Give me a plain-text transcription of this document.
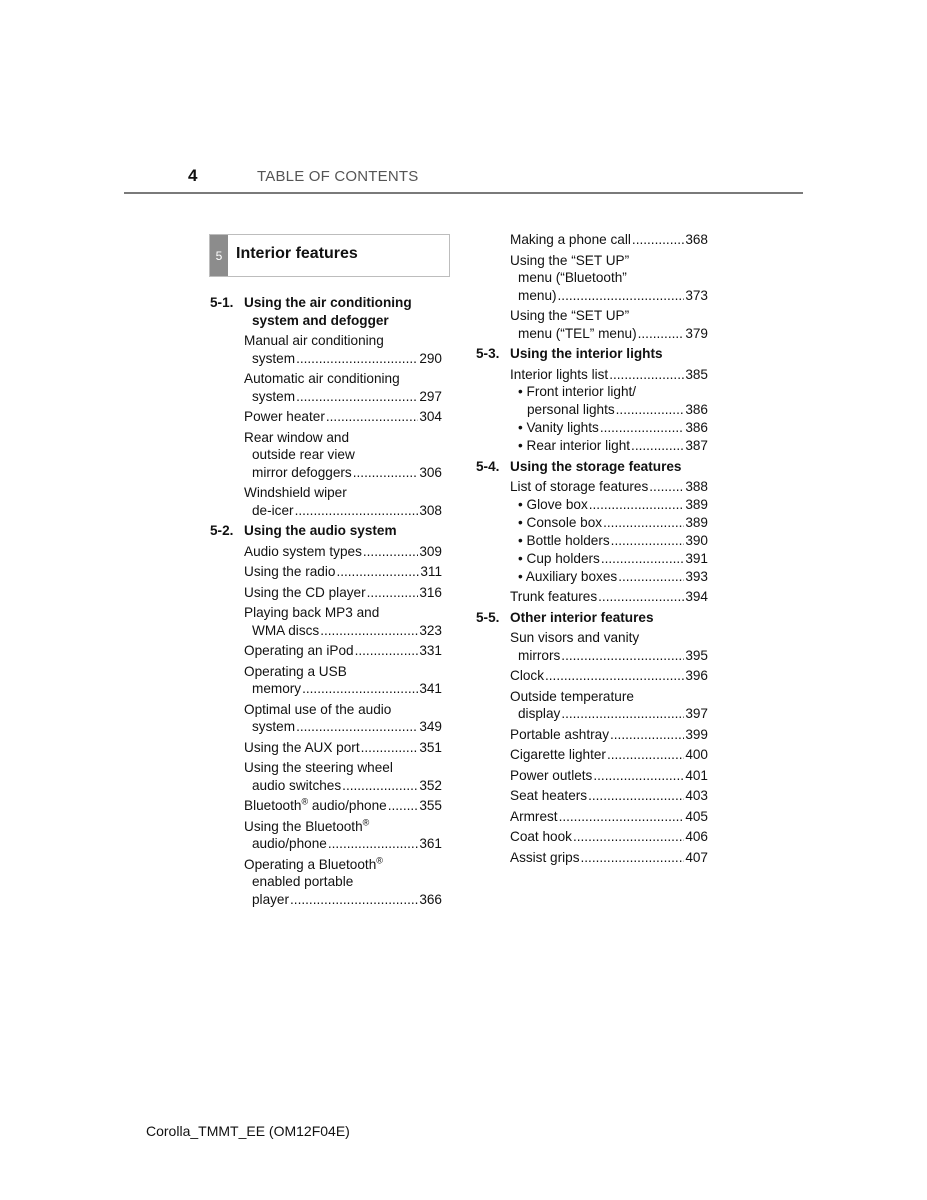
4	TABLE OF CONTENTS
5 Interior features
5-1. Using the air conditioning
system and defogger
Manual air conditioning
system .....	290
Automatic air conditioning
system .....	297
Power heater .....	304
Rear window and
outside rear view
mirror defoggers .....	306
Windshield wiper
de-icer .....	308
5-2. Using the audio system
Audio system types .....	309
Using the radio .....	311
Using the CD player .....	316
Playing back MP3 and
WMA discs .....	323
Operating an iPod .....	331
Operating a USB
memory .....	341
Optimal use of the audio
system .....	349
Using the AUX port .....	351
Using the steering wheel
audio switches .....	352
Bluetooth® audio/phone ..... 355
Using the Bluetooth®
audio/phone .....	361
Operating a Bluetooth®
enabled portable
player .....	366
Making a phone call .....	368
Using the “SET UP”
menu (“Bluetooth”
menu) .....	373
Using the “SET UP”
menu (“TEL” menu) .....	379
5-3. Using the interior lights
Interior lights list .....	385
• Front interior light/
personal lights .....	386
• Vanity lights .....	386
• Rear interior light .....	387
5-4. Using the storage features
List of storage features .....	388
• Glove box .....	389
• Console box .....	389
• Bottle holders .....	390
• Cup holders .....	391
• Auxiliary boxes .....	393
Trunk features .....	394
5-5. Other interior features
Sun visors and vanity
mirrors .....	395
Clock .....	396
Outside temperature
display .....	397
Portable ashtray .....	399
Cigarette lighter .....	400
Power outlets .....	401
Seat heaters .....	403
Armrest .....	405
Coat hook .....	406
Assist grips .....	407
Corolla_TMMT_EE (OM12F04E)
